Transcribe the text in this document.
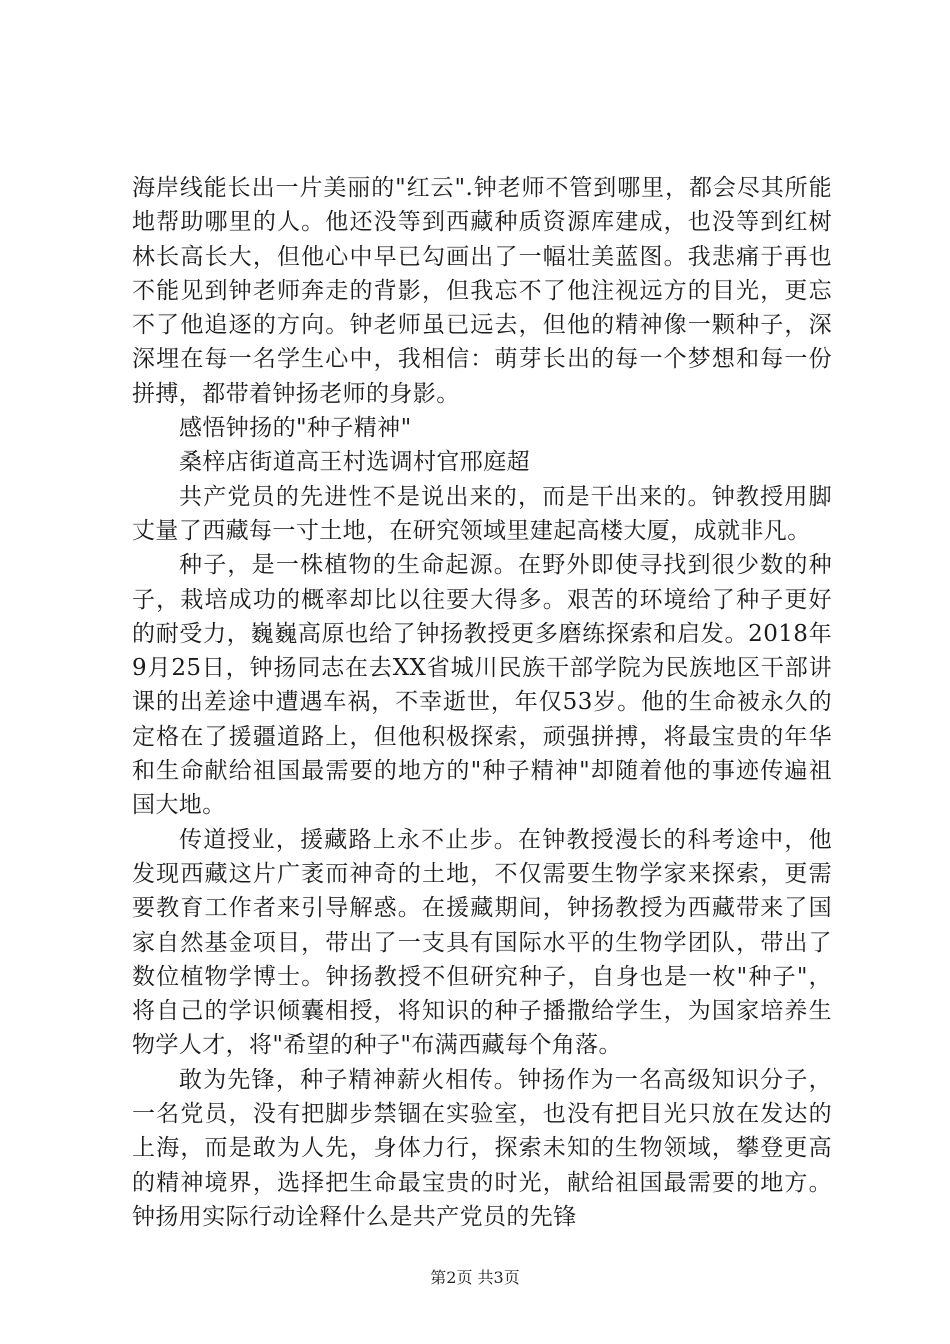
海岸线能长出一片美丽的"红云".钟老师不管到哪里，都会尽其所能地帮助哪里的人。他还没等到西藏种质资源库建成，也没等到红树林长高长大，但他心中早已勾画出了一幅壮美蓝图。我悲痛于再也不能见到钟老师奔走的背影，但我忘不了他注视远方的目光，更忘不了他追逐的方向。钟老师虽已远去，但他的精神像一颗种子，深深埋在每一名学生心中，我相信：萌芽长出的每一个梦想和每一份拼搏，都带着钟扬老师的身影。

感悟钟扬的"种子精神"

桑梓店街道高王村选调村官邢庭超

共产党员的先进性不是说出来的，而是干出来的。钟教授用脚丈量了西藏每一寸土地，在研究领域里建起高楼大厦，成就非凡。

种子，是一株植物的生命起源。在野外即使寻找到很少数的种子，栽培成功的概率却比以往要大得多。艰苦的环境给了种子更好的耐受力，巍巍高原也给了钟扬教授更多磨练探索和启发。2018年9月25日，钟扬同志在去XX省城川民族干部学院为民族地区干部讲课的出差途中遭遇车祸，不幸逝世，年仅53岁。他的生命被永久的定格在了援疆道路上，但他积极探索，顽强拼搏，将最宝贵的年华和生命献给祖国最需要的地方的"种子精神"却随着他的事迹传遍祖国大地。

传道授业，援藏路上永不止步。在钟教授漫长的科考途中，他发现西藏这片广袤而神奇的土地，不仅需要生物学家来探索，更需要教育工作者来引导解惑。在援藏期间，钟扬教授为西藏带来了国家自然基金项目，带出了一支具有国际水平的生物学团队，带出了数位植物学博士。钟扬教授不但研究种子，自身也是一枚"种子"，将自己的学识倾囊相授，将知识的种子播撒给学生，为国家培养生物学人才，将"希望的种子"布满西藏每个角落。

敢为先锋，种子精神薪火相传。钟扬作为一名高级知识分子，一名党员，没有把脚步禁锢在实验室，也没有把目光只放在发达的上海，而是敢为人先，身体力行，探索未知的生物领域，攀登更高的精神境界，选择把生命最宝贵的时光，献给祖国最需要的地方。钟扬用实际行动诠释什么是共产党员的先锋

第2页 共3页
